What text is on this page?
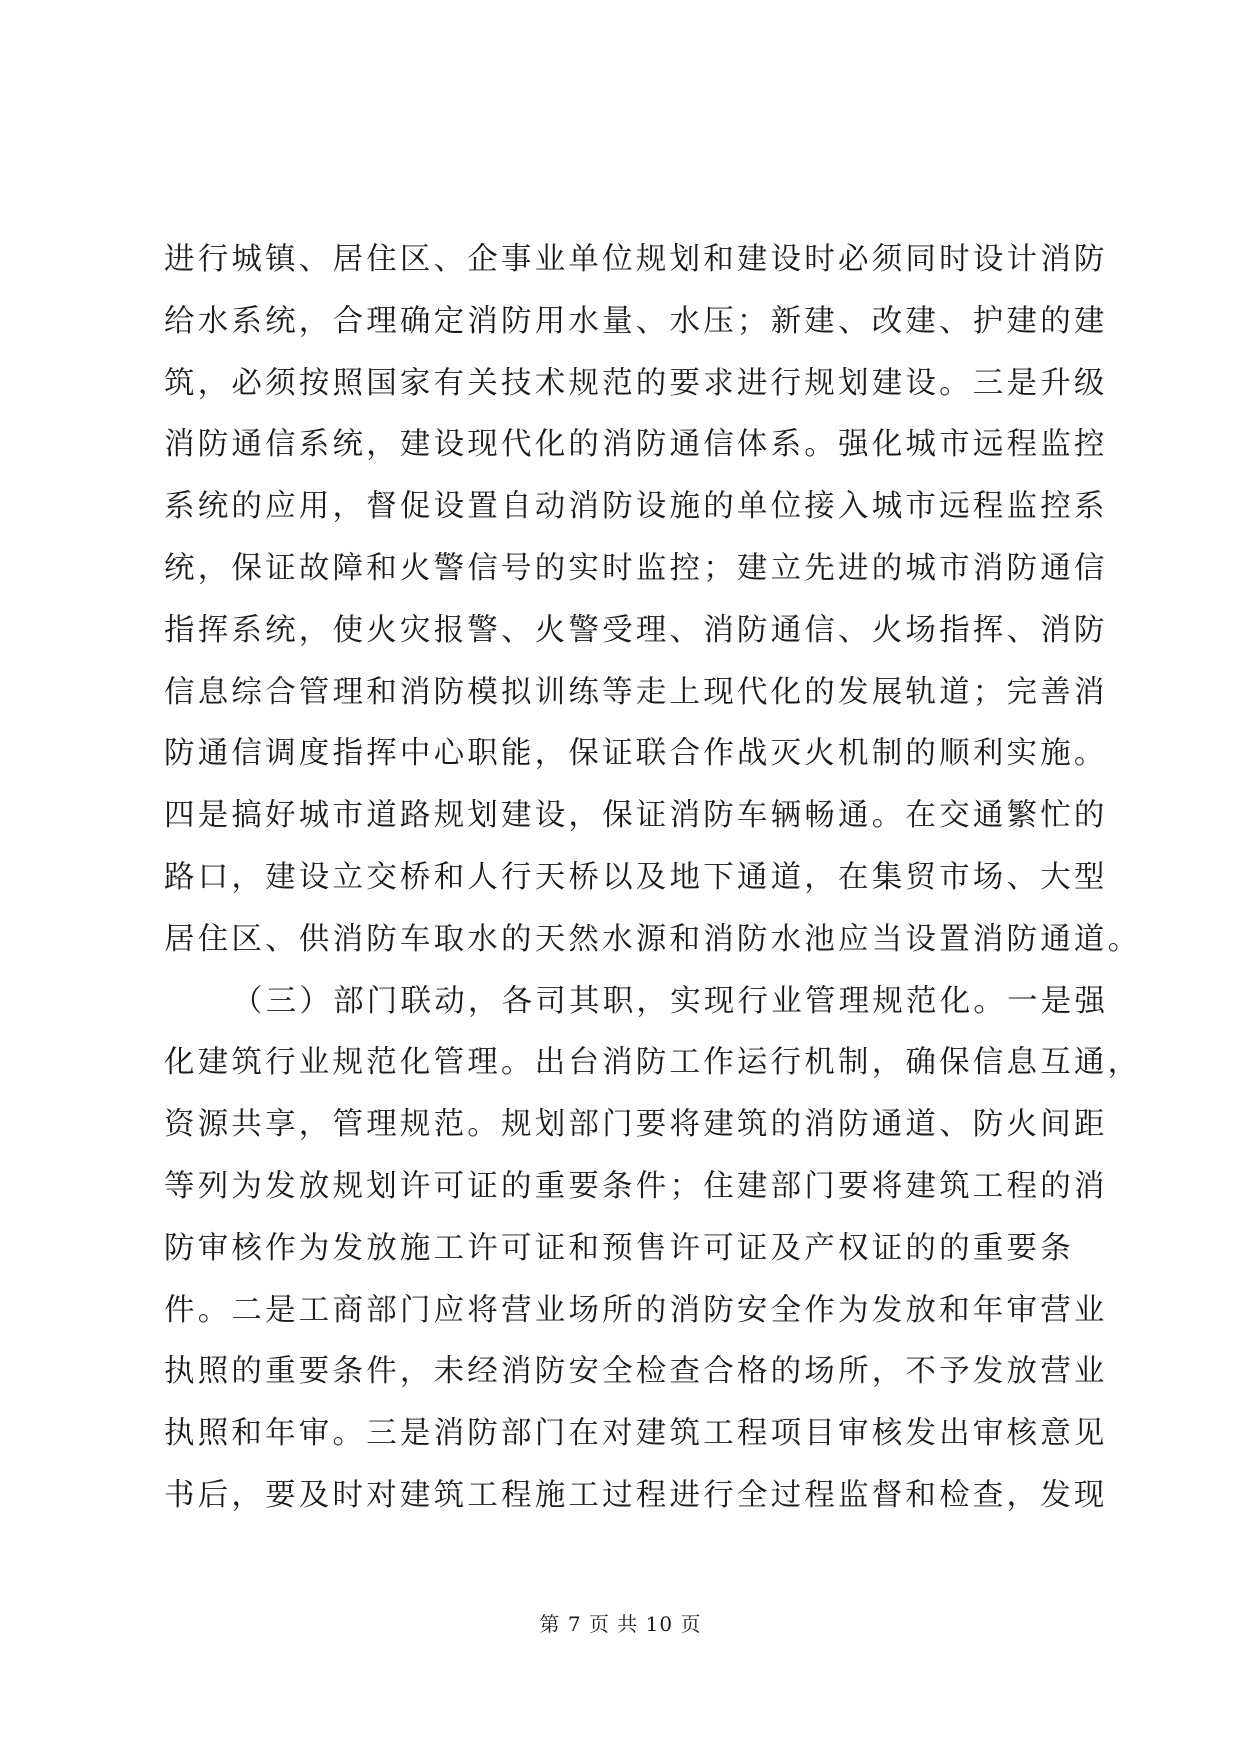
进行城镇、居住区、企事业单位规划和建设时必须同时设计消防
给水系统，合理确定消防用水量、水压；新建、改建、护建的建
筑，必须按照国家有关技术规范的要求进行规划建设。三是升级
消防通信系统，建设现代化的消防通信体系。强化城市远程监控
系统的应用，督促设置自动消防设施的单位接入城市远程监控系
统，保证故障和火警信号的实时监控；建立先进的城市消防通信
指挥系统，使火灾报警、火警受理、消防通信、火场指挥、消防
信息综合管理和消防模拟训练等走上现代化的发展轨道；完善消
防通信调度指挥中心职能，保证联合作战灭火机制的顺利实施。
四是搞好城市道路规划建设，保证消防车辆畅通。在交通繁忙的
路口，建设立交桥和人行天桥以及地下通道，在集贸市场、大型
居住区、供消防车取水的天然水源和消防水池应当设置消防通道。
（三）部门联动，各司其职，实现行业管理规范化。一是强
化建筑行业规范化管理。出台消防工作运行机制，确保信息互通，
资源共享，管理规范。规划部门要将建筑的消防通道、防火间距
等列为发放规划许可证的重要条件；住建部门要将建筑工程的消
防审核作为发放施工许可证和预售许可证及产权证的的重要条
件。二是工商部门应将营业场所的消防安全作为发放和年审营业
执照的重要条件，未经消防安全检查合格的场所，不予发放营业
执照和年审。三是消防部门在对建筑工程项目审核发出审核意见
书后，要及时对建筑工程施工过程进行全过程监督和检查，发现
第 7 页 共 10 页
